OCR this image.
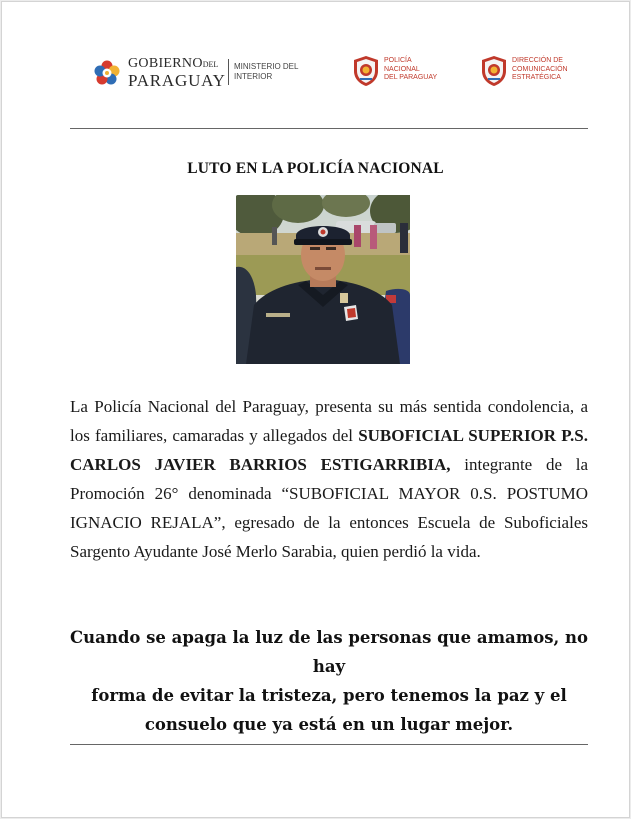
GOBIERNODEL
PARAGUAY
MINISTERIO DEL
INTERIOR
POLICÍA
NACIONAL
DEL PARAGUAY
DIRECCIÓN DE
COMUNICACIÓN
ESTRATÉGICA
LUTO EN LA POLICÍA NACIONAL
La Policía Nacional del Paraguay, presenta su más sentida condolencia, a los familiares, camaradas y allegados del SUBOFICIAL SUPERIOR P.S. CARLOS JAVIER BARRIOS ESTIGARRIBIA, integrante de la Promoción 26° denominada “SUBOFICIAL MAYOR 0.S. POSTUMO IGNACIO REJALA”, egresado de la entonces Escuela de Suboficiales Sargento Ayudante José Merlo Sarabia, quien perdió la vida.
Cuando se apaga la luz de las personas que amamos, no hay
forma de evitar la tristeza, pero tenemos la paz y el
consuelo que ya está en un lugar mejor.
